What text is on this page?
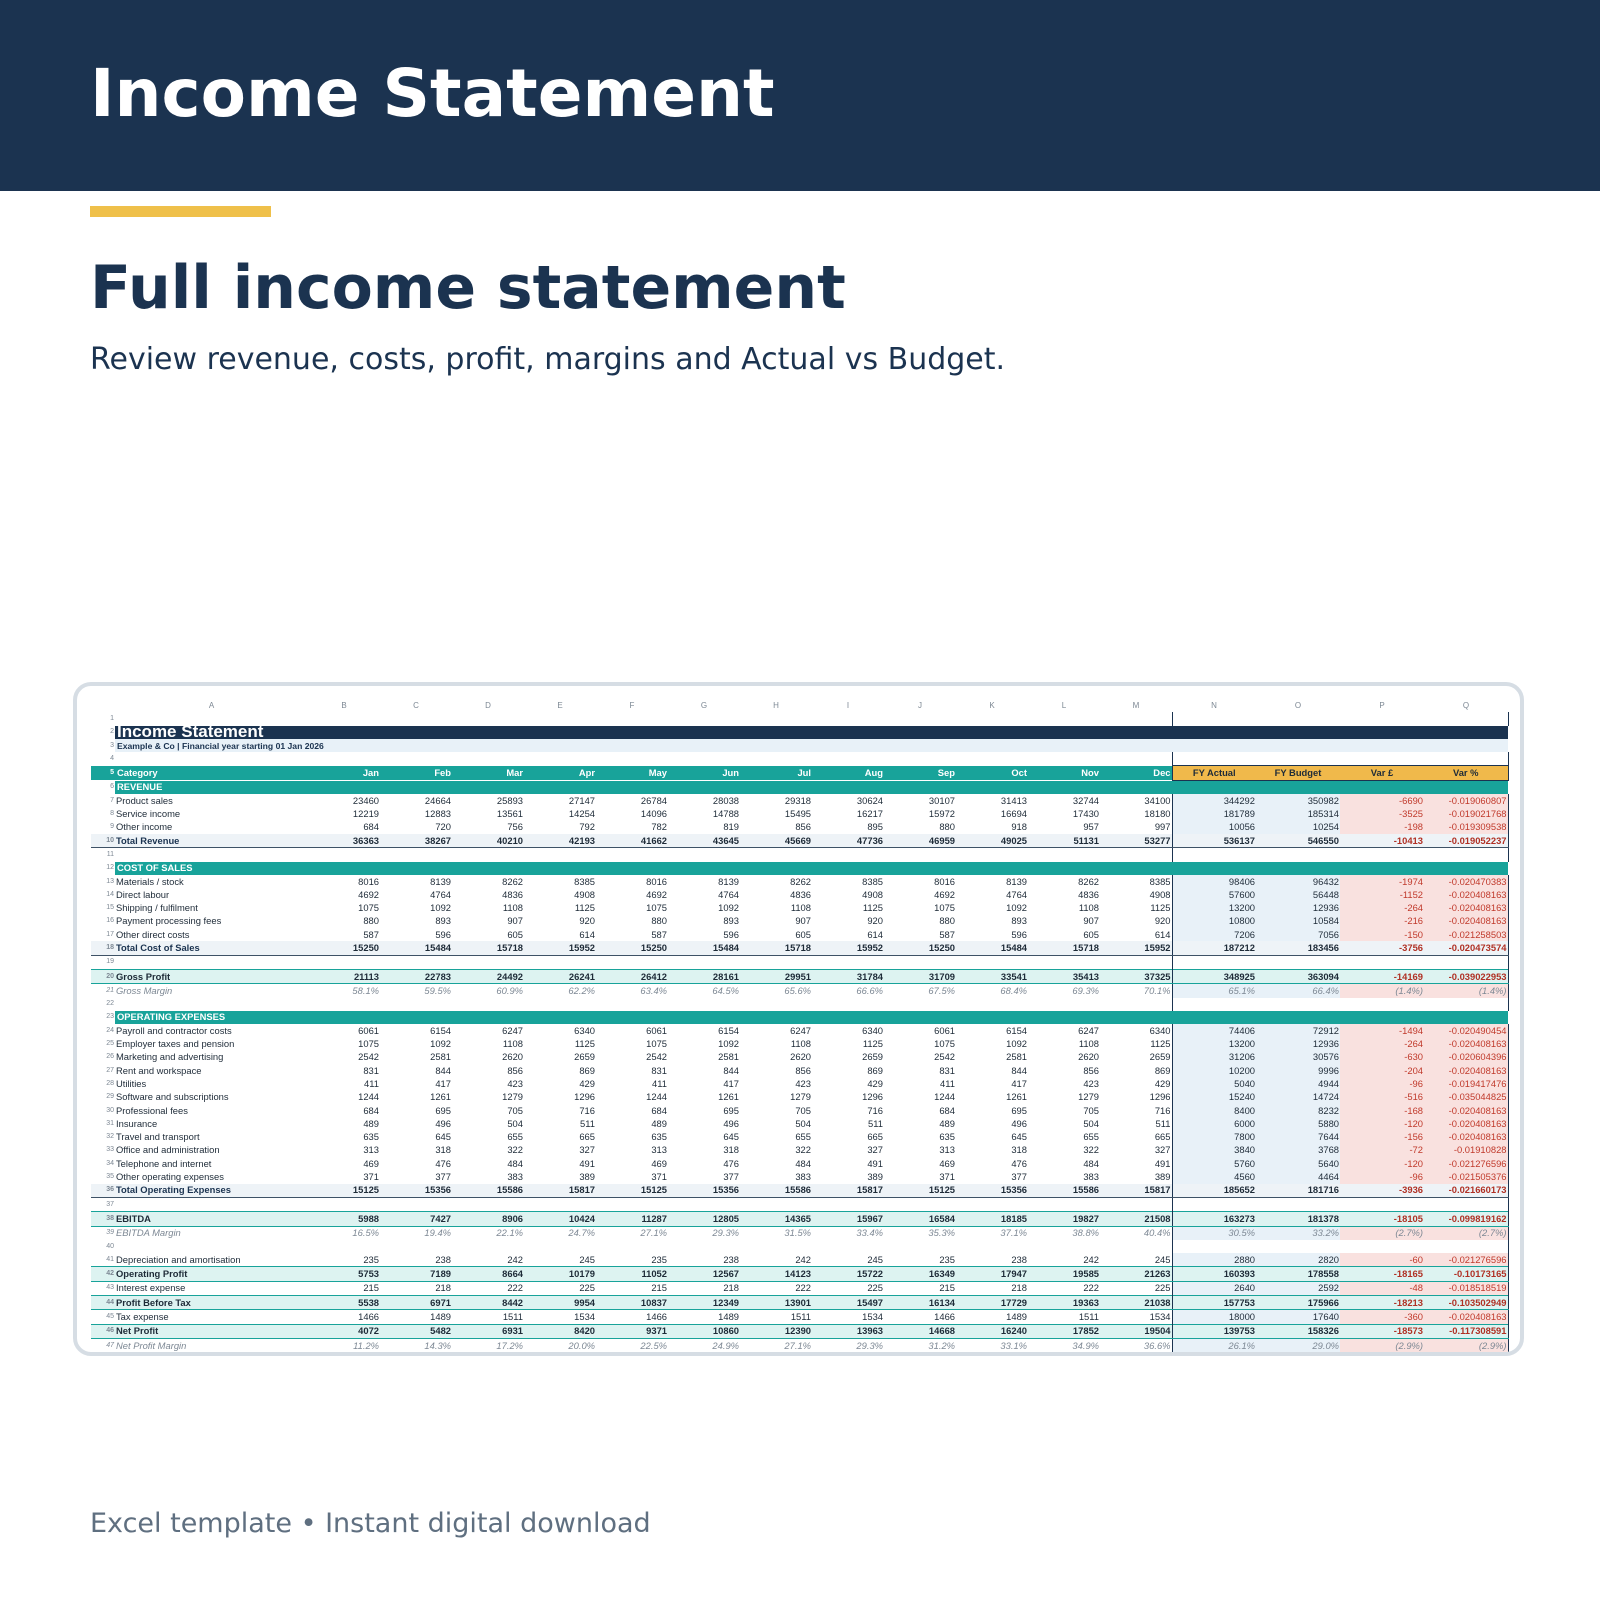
Income Statement
Full income statement

Review revenue, costs, profit, margins and Actual vs Budget.

	A	B	C	D	E	F	G	H	I	J	K	L	M	N	O	P	Q
1																	
2	Income Statement																
3	Example & Co | Financial year starting 01 Jan 2026																
4																	
5	Category	Jan	Feb	Mar	Apr	May	Jun	Jul	Aug	Sep	Oct	Nov	Dec	FY Actual	FY Budget	Var £	Var %
6	REVENUE																
7	Product sales	23460	24664	25893	27147	26784	28038	29318	30624	30107	31413	32744	34100	344292	350982	-6690	-0.019060807
8	Service income	12219	12883	13561	14254	14096	14788	15495	16217	15972	16694	17430	18180	181789	185314	-3525	-0.019021768
9	Other income	684	720	756	792	782	819	856	895	880	918	957	997	10056	10254	-198	-0.019309538
10	Total Revenue	36363	38267	40210	42193	41662	43645	45669	47736	46959	49025	51131	53277	536137	546550	-10413	-0.019052237
11																	
12	COST OF SALES																
13	Materials / stock	8016	8139	8262	8385	8016	8139	8262	8385	8016	8139	8262	8385	98406	96432	-1974	-0.020470383
14	Direct labour	4692	4764	4836	4908	4692	4764	4836	4908	4692	4764	4836	4908	57600	56448	-1152	-0.020408163
15	Shipping / fulfilment	1075	1092	1108	1125	1075	1092	1108	1125	1075	1092	1108	1125	13200	12936	-264	-0.020408163
16	Payment processing fees	880	893	907	920	880	893	907	920	880	893	907	920	10800	10584	-216	-0.020408163
17	Other direct costs	587	596	605	614	587	596	605	614	587	596	605	614	7206	7056	-150	-0.021258503
18	Total Cost of Sales	15250	15484	15718	15952	15250	15484	15718	15952	15250	15484	15718	15952	187212	183456	-3756	-0.020473574
19																	
20	Gross Profit	21113	22783	24492	26241	26412	28161	29951	31784	31709	33541	35413	37325	348925	363094	-14169	-0.039022953
21	Gross Margin	58.1%	59.5%	60.9%	62.2%	63.4%	64.5%	65.6%	66.6%	67.5%	68.4%	69.3%	70.1%	65.1%	66.4%	(1.4%)	(1.4%)
22																	
23	OPERATING EXPENSES																
24	Payroll and contractor costs	6061	6154	6247	6340	6061	6154	6247	6340	6061	6154	6247	6340	74406	72912	-1494	-0.020490454
25	Employer taxes and pension	1075	1092	1108	1125	1075	1092	1108	1125	1075	1092	1108	1125	13200	12936	-264	-0.020408163
26	Marketing and advertising	2542	2581	2620	2659	2542	2581	2620	2659	2542	2581	2620	2659	31206	30576	-630	-0.020604396
27	Rent and workspace	831	844	856	869	831	844	856	869	831	844	856	869	10200	9996	-204	-0.020408163
28	Utilities	411	417	423	429	411	417	423	429	411	417	423	429	5040	4944	-96	-0.019417476
29	Software and subscriptions	1244	1261	1279	1296	1244	1261	1279	1296	1244	1261	1279	1296	15240	14724	-516	-0.035044825
30	Professional fees	684	695	705	716	684	695	705	716	684	695	705	716	8400	8232	-168	-0.020408163
31	Insurance	489	496	504	511	489	496	504	511	489	496	504	511	6000	5880	-120	-0.020408163
32	Travel and transport	635	645	655	665	635	645	655	665	635	645	655	665	7800	7644	-156	-0.020408163
33	Office and administration	313	318	322	327	313	318	322	327	313	318	322	327	3840	3768	-72	-0.01910828
34	Telephone and internet	469	476	484	491	469	476	484	491	469	476	484	491	5760	5640	-120	-0.021276596
35	Other operating expenses	371	377	383	389	371	377	383	389	371	377	383	389	4560	4464	-96	-0.021505376
36	Total Operating Expenses	15125	15356	15586	15817	15125	15356	15586	15817	15125	15356	15586	15817	185652	181716	-3936	-0.021660173
37																	
38	EBITDA	5988	7427	8906	10424	11287	12805	14365	15967	16584	18185	19827	21508	163273	181378	-18105	-0.099819162
39	EBITDA Margin	16.5%	19.4%	22.1%	24.7%	27.1%	29.3%	31.5%	33.4%	35.3%	37.1%	38.8%	40.4%	30.5%	33.2%	(2.7%)	(2.7%)
40																	
41	Depreciation and amortisation	235	238	242	245	235	238	242	245	235	238	242	245	2880	2820	-60	-0.021276596
42	Operating Profit	5753	7189	8664	10179	11052	12567	14123	15722	16349	17947	19585	21263	160393	178558	-18165	-0.10173165
43	Interest expense	215	218	222	225	215	218	222	225	215	218	222	225	2640	2592	-48	-0.018518519
44	Profit Before Tax	5538	6971	8442	9954	10837	12349	13901	15497	16134	17729	19363	21038	157753	175966	-18213	-0.103502949
45	Tax expense	1466	1489	1511	1534	1466	1489	1511	1534	1466	1489	1511	1534	18000	17640	-360	-0.020408163
46	Net Profit	4072	5482	6931	8420	9371	10860	12390	13963	14668	16240	17852	19504	139753	158326	-18573	-0.117308591
47	Net Profit Margin	11.2%	14.3%	17.2%	20.0%	22.5%	24.9%	27.1%	29.3%	31.2%	33.1%	34.9%	36.6%	26.1%	29.0%	(2.9%)	(2.9%)
Excel template • Instant digital download
